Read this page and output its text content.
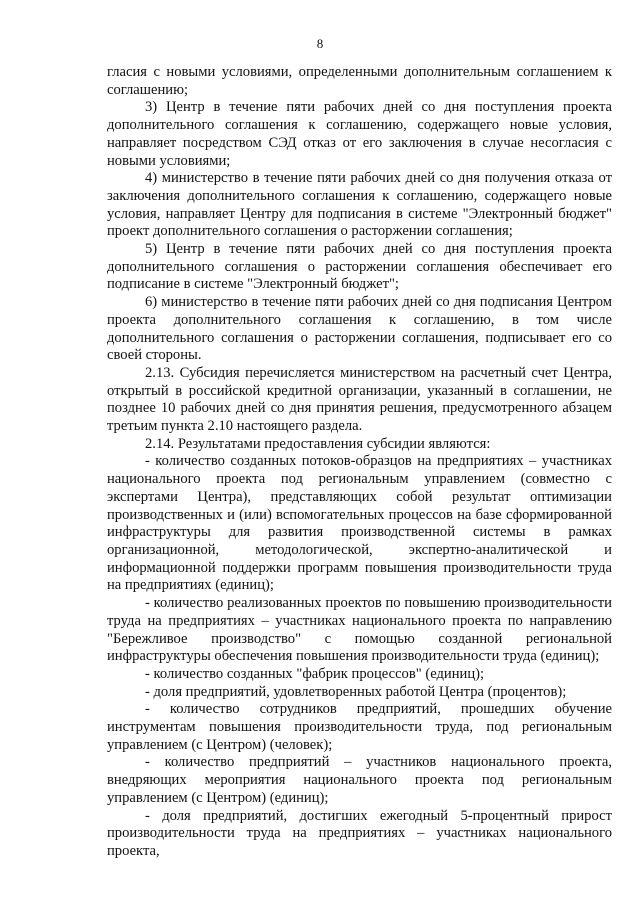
8

гласия с новыми условиями, определенными дополнительным соглашением к соглашению;

3) Центр в течение пяти рабочих дней со дня поступления проекта дополнительного соглашения к соглашению, содержащего новые условия, направляет посредством СЭД отказ от его заключения в случае несогласия с новыми условиями;

4) министерство в течение пяти рабочих дней со дня получения отказа от заключения дополнительного соглашения к соглашению, содержащего новые условия, направляет Центру для подписания в системе "Электронный бюджет" проект дополнительного соглашения о расторжении соглашения;

5) Центр в течение пяти рабочих дней со дня поступления проекта дополнительного соглашения о расторжении соглашения обеспечивает его подписание в системе "Электронный бюджет";

6) министерство в течение пяти рабочих дней со дня подписания Центром проекта дополнительного соглашения к соглашению, в том числе дополнительного соглашения о расторжении соглашения, подписывает его со своей стороны.

2.13. Субсидия перечисляется министерством на расчетный счет Центра, открытый в российской кредитной организации, указанный в соглашении, не позднее 10 рабочих дней со дня принятия решения, предусмотренного абзацем третьим пункта 2.10 настоящего раздела.

2.14. Результатами предоставления субсидии являются:

- количество созданных потоков-образцов на предприятиях – участниках национального проекта под региональным управлением (совместно с экспертами Центра), представляющих собой результат оптимизации производственных и (или) вспомогательных процессов на базе сформированной инфраструктуры для развития производственной системы в рамках организационной, методологической, экспертно-аналитической и информационной поддержки программ повышения производительности труда на предприятиях (единиц);

- количество реализованных проектов по повышению производительности труда на предприятиях – участниках национального проекта по направлению "Бережливое производство" с помощью созданной региональной инфраструктуры обеспечения повышения производительности труда (единиц);

- количество созданных "фабрик процессов" (единиц);

- доля предприятий, удовлетворенных работой Центра (процентов);

- количество сотрудников предприятий, прошедших обучение инструментам повышения производительности труда, под региональным управлением (с Центром) (человек);

- количество предприятий – участников национального проекта, внедряющих мероприятия национального проекта под региональным управлением (с Центром) (единиц);

- доля предприятий, достигших ежегодный 5-процентный прирост производительности труда на предприятиях – участниках национального проекта,
